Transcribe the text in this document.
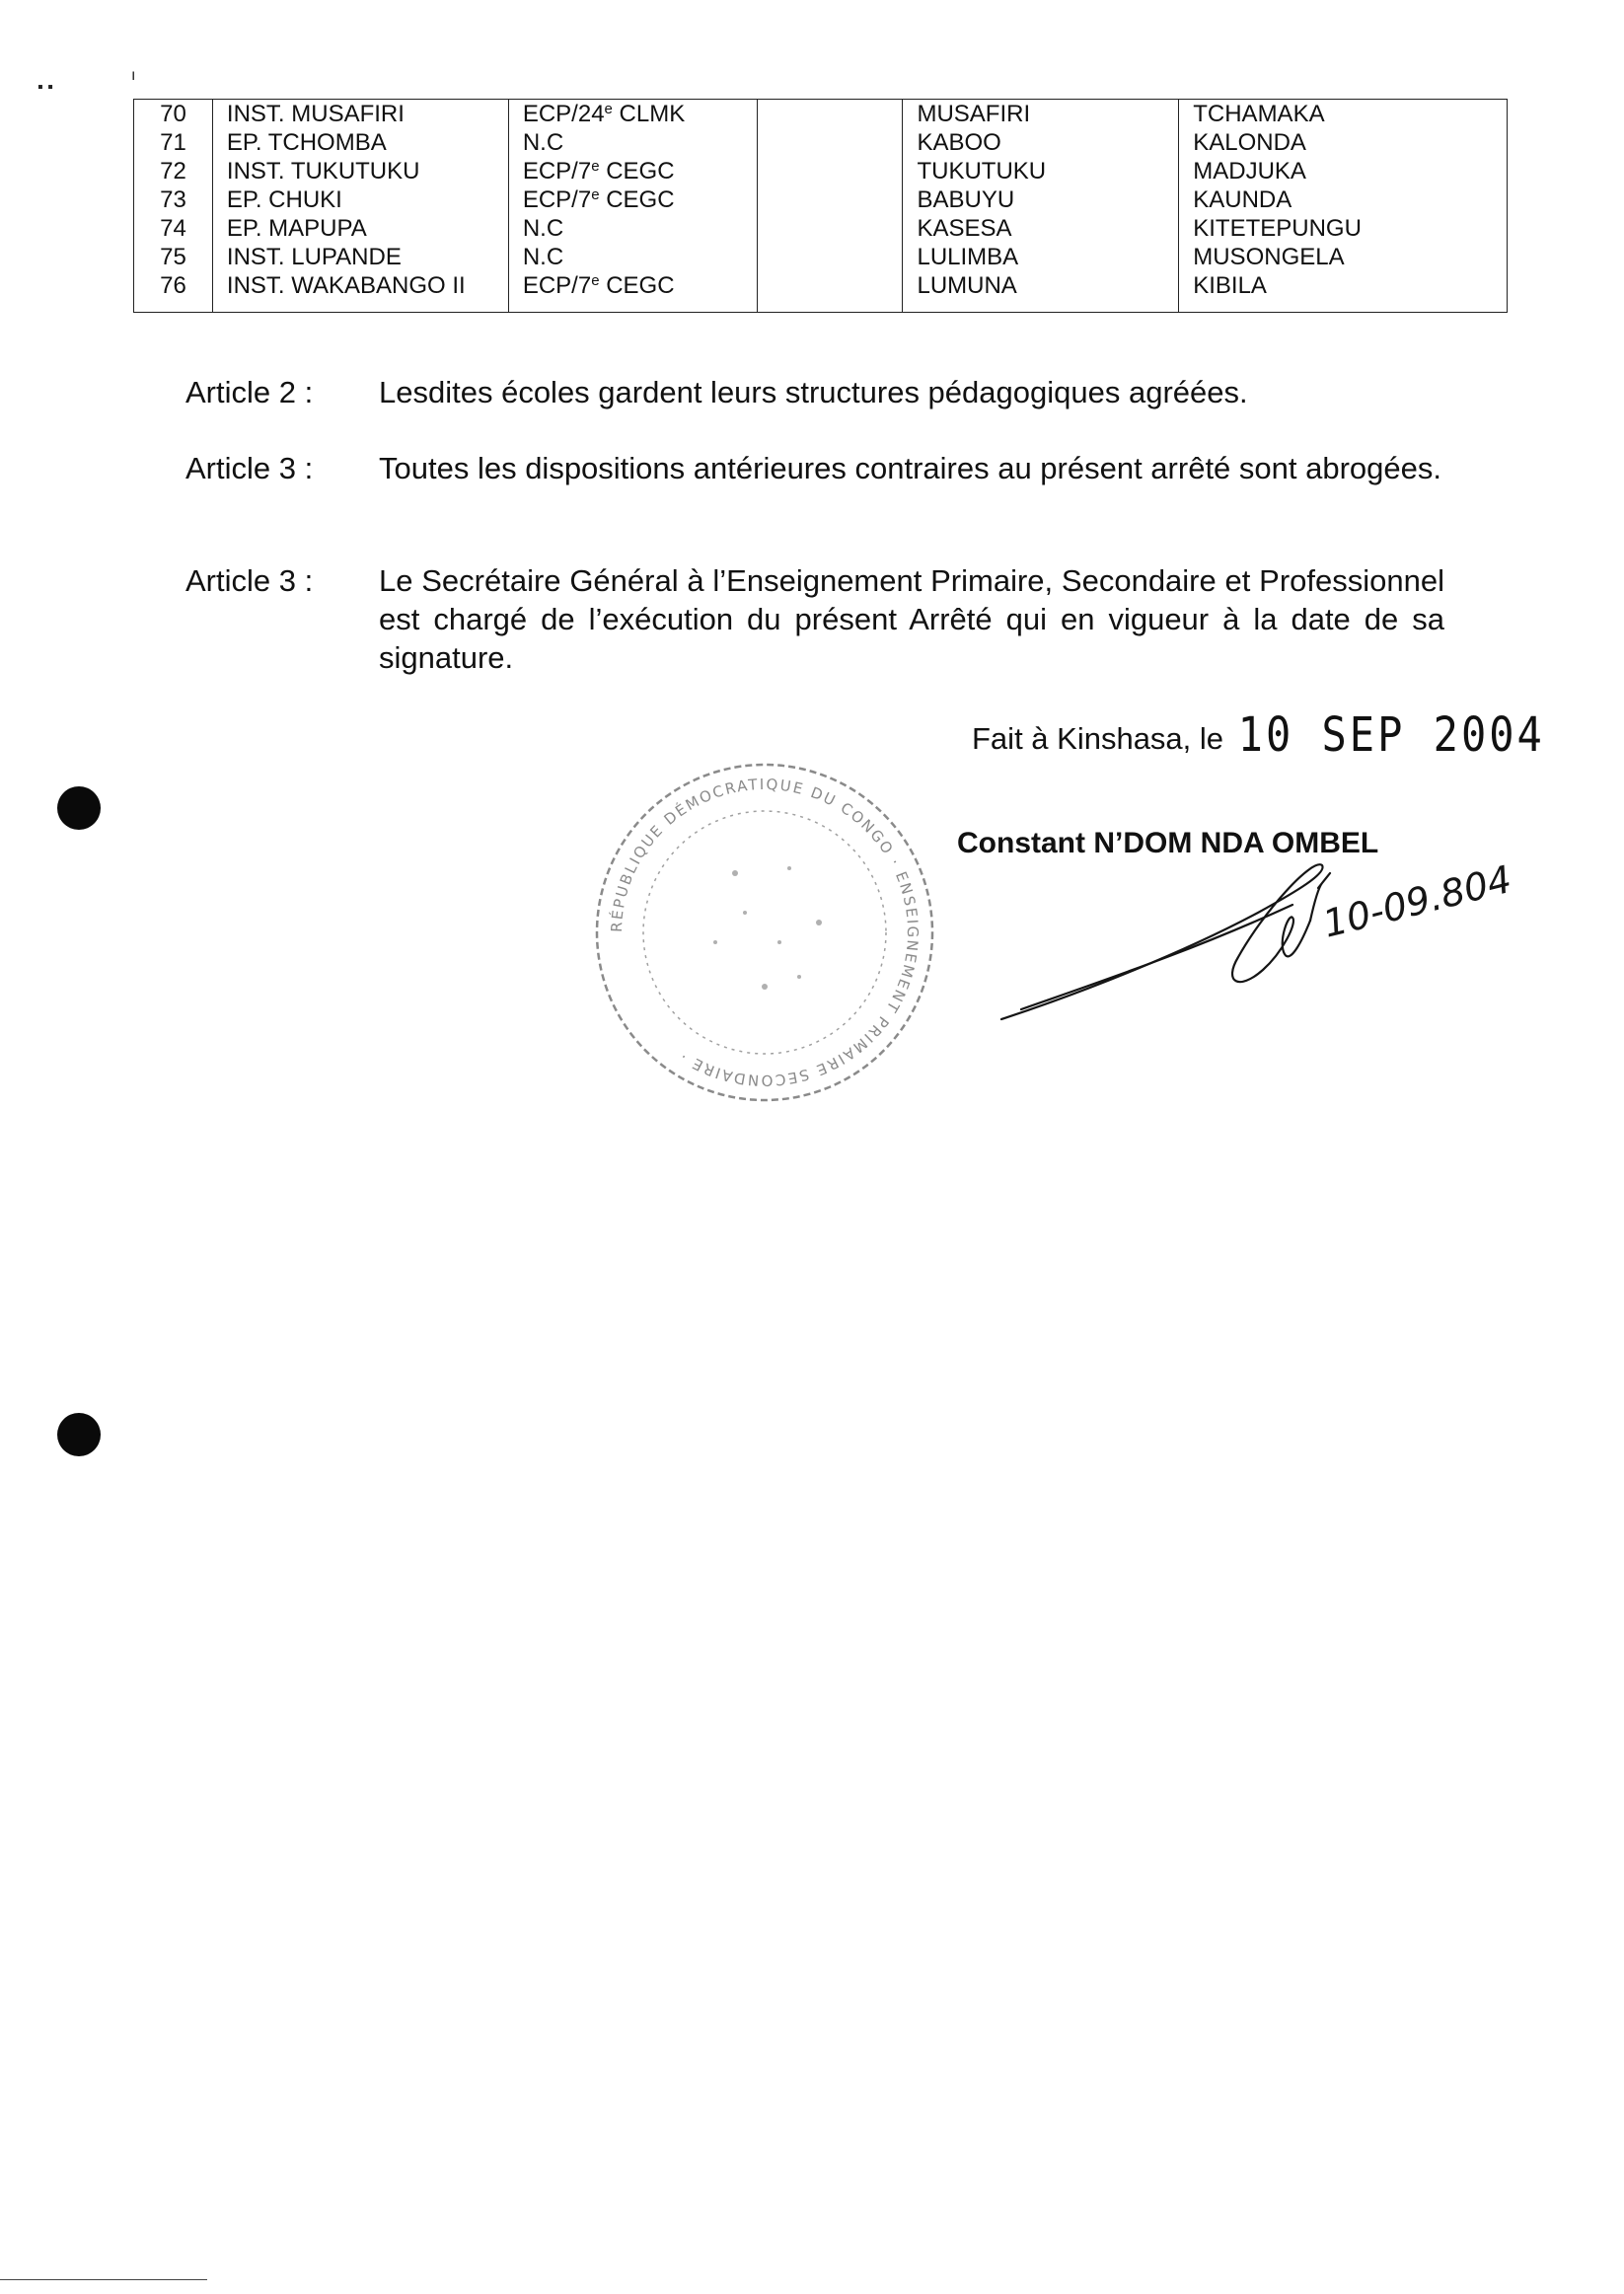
▪ ▪
ı
70	INST. MUSAFIRI	ECP/24e CLMK		MUSAFIRI	TCHAMAKA
71	EP. TCHOMBA	N.C		KABOO	KALONDA
72	INST. TUKUTUKU	ECP/7e CEGC		TUKUTUKU	MADJUKA
73	EP. CHUKI	ECP/7e CEGC		BABUYU	KAUNDA
74	EP. MAPUPA	N.C		KASESA	KITETEPUNGU
75	INST. LUPANDE	N.C		LULIMBA	MUSONGELA
76	INST. WAKABANGO II	ECP/7e CEGC		LUMUNA	KIBILA
Article 2 : Lesdites écoles gardent leurs structures pédagogiques agréées.
Article 3 : Toutes les dispositions antérieures contraires au présent arrêté sont abrogées.
Article 3 : Le Secrétaire Général à l’Enseignement Primaire, Secondaire et Professionnel est chargé de l’exécution du présent Arrêté qui en vigueur à la date de sa signature.
Fait à Kinshasa, le 10 SEP 2004
RÉPUBLIQUE DÉMOCRATIQUE DU CONGO · ENSEIGNEMENT PRIMAIRE SECONDAIRE ·
Constant N’DOM NDA OMBEL
10-09.804
